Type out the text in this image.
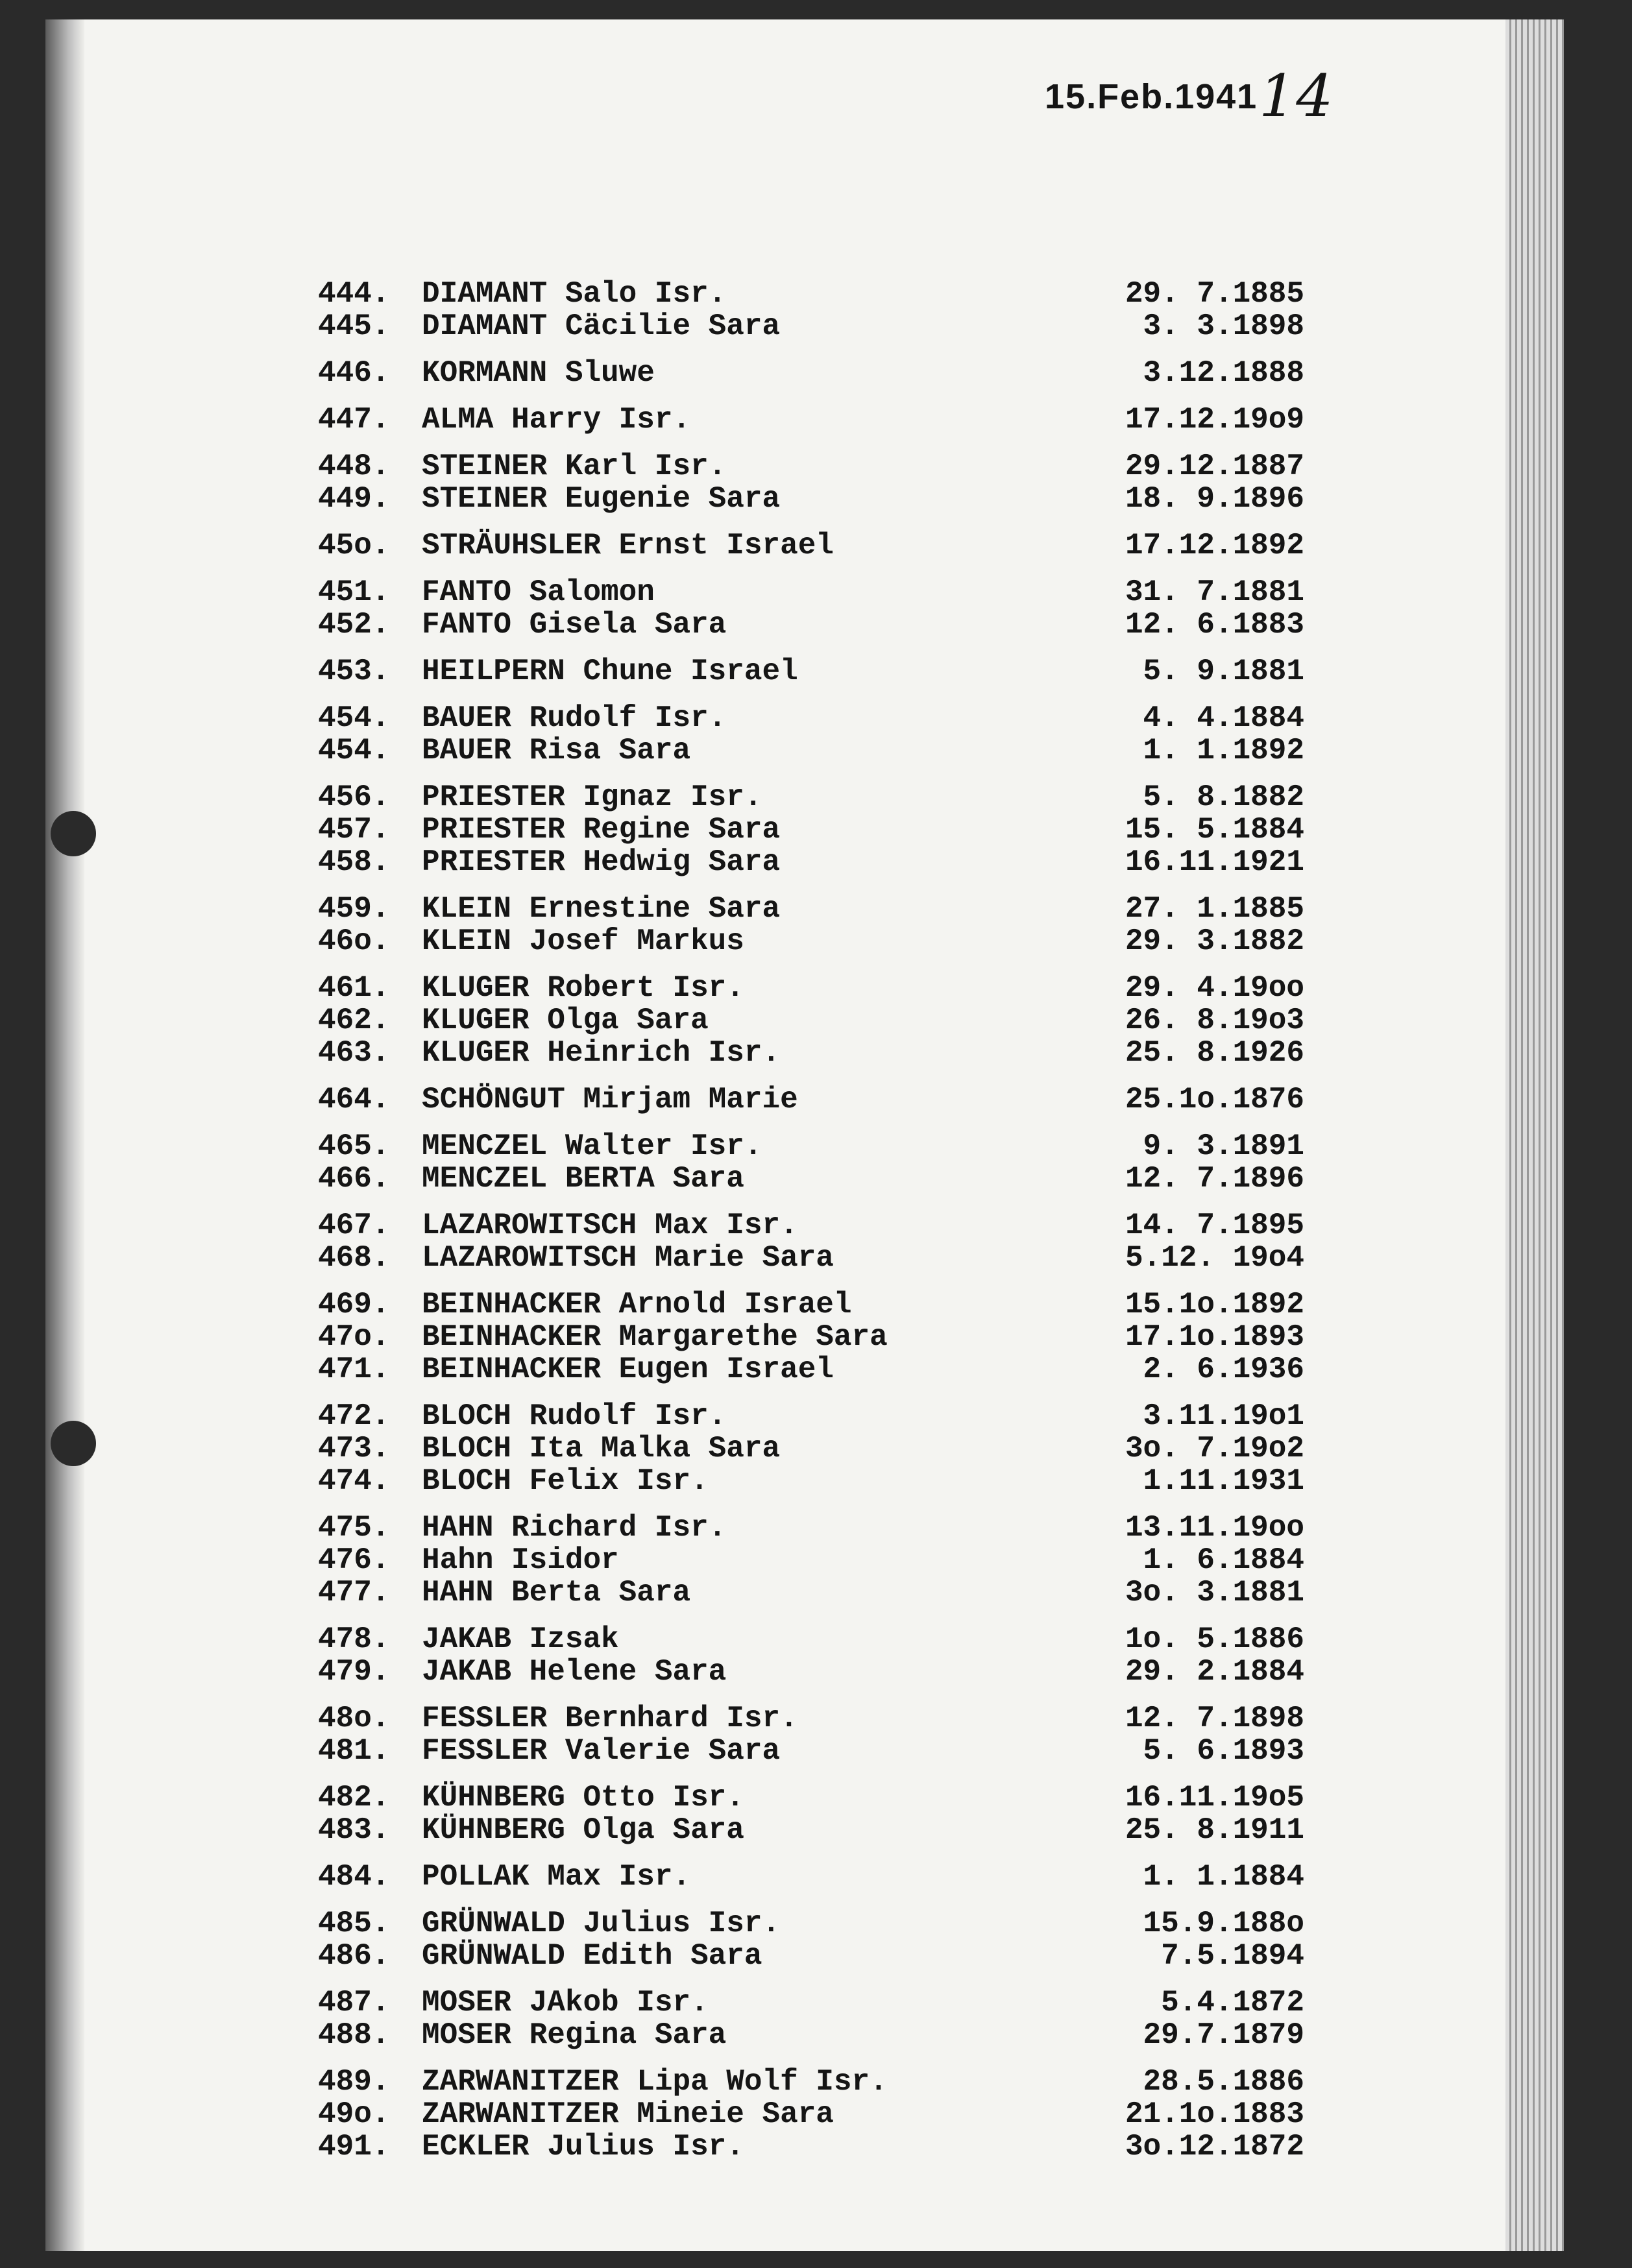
15.Feb.1941 14
444.	DIAMANT Salo Isr.	29. 7.1885
445.	DIAMANT Cäcilie Sara	3. 3.1898
446.	KORMANN Sluwe	3.12.1888
447.	ALMA Harry Isr.	17.12.19o9
448.	STEINER Karl Isr.	29.12.1887
449.	STEINER Eugenie Sara	18. 9.1896
45o.	STRÄUHSLER Ernst Israel	17.12.1892
451.	FANTO Salomon	31. 7.1881
452.	FANTO Gisela Sara	12. 6.1883
453.	HEILPERN Chune Israel	5. 9.1881
454.	BAUER Rudolf Isr.	4. 4.1884
454.	BAUER Risa Sara	1. 1.1892
456.	PRIESTER Ignaz Isr.	5. 8.1882
457.	PRIESTER Regine Sara	15. 5.1884
458.	PRIESTER Hedwig Sara	16.11.1921
459.	KLEIN Ernestine Sara	27. 1.1885
46o.	KLEIN Josef Markus	29. 3.1882
461.	KLUGER Robert Isr.	29. 4.19oo
462.	KLUGER Olga Sara	26. 8.19o3
463.	KLUGER Heinrich Isr.	25. 8.1926
464.	SCHÖNGUT Mirjam Marie	25.1o.1876
465.	MENCZEL Walter Isr.	9. 3.1891
466.	MENCZEL BERTA Sara	12. 7.1896
467.	LAZAROWITSCH Max Isr.	14. 7.1895
468.	LAZAROWITSCH Marie Sara	5.12. 19o4
469.	BEINHACKER Arnold Israel	15.1o.1892
47o.	BEINHACKER Margarethe Sara	17.1o.1893
471.	BEINHACKER Eugen Israel	2. 6.1936
472.	BLOCH Rudolf Isr.	3.11.19o1
473.	BLOCH Ita Malka Sara	3o. 7.19o2
474.	BLOCH Felix Isr.	1.11.1931
475.	HAHN Richard Isr.	13.11.19oo
476.	Hahn Isidor	1. 6.1884
477.	HAHN Berta Sara	3o. 3.1881
478.	JAKAB Izsak	1o. 5.1886
479.	JAKAB Helene Sara	29. 2.1884
48o.	FESSLER Bernhard Isr.	12. 7.1898
481.	FESSLER Valerie Sara	5. 6.1893
482.	KÜHNBERG Otto Isr.	16.11.19o5
483.	KÜHNBERG Olga Sara	25. 8.1911
484.	POLLAK Max Isr.	1. 1.1884
485.	GRÜNWALD Julius Isr.	15.9.188o
486.	GRÜNWALD Edith Sara	7.5.1894
487.	MOSER JAkob Isr.	5.4.1872
488.	MOSER Regina Sara	29.7.1879
489.	ZARWANITZER Lipa Wolf Isr.	28.5.1886
49o.	ZARWANITZER Mineie Sara	21.1o.1883
491.	ECKLER Julius Isr.	3o.12.1872
